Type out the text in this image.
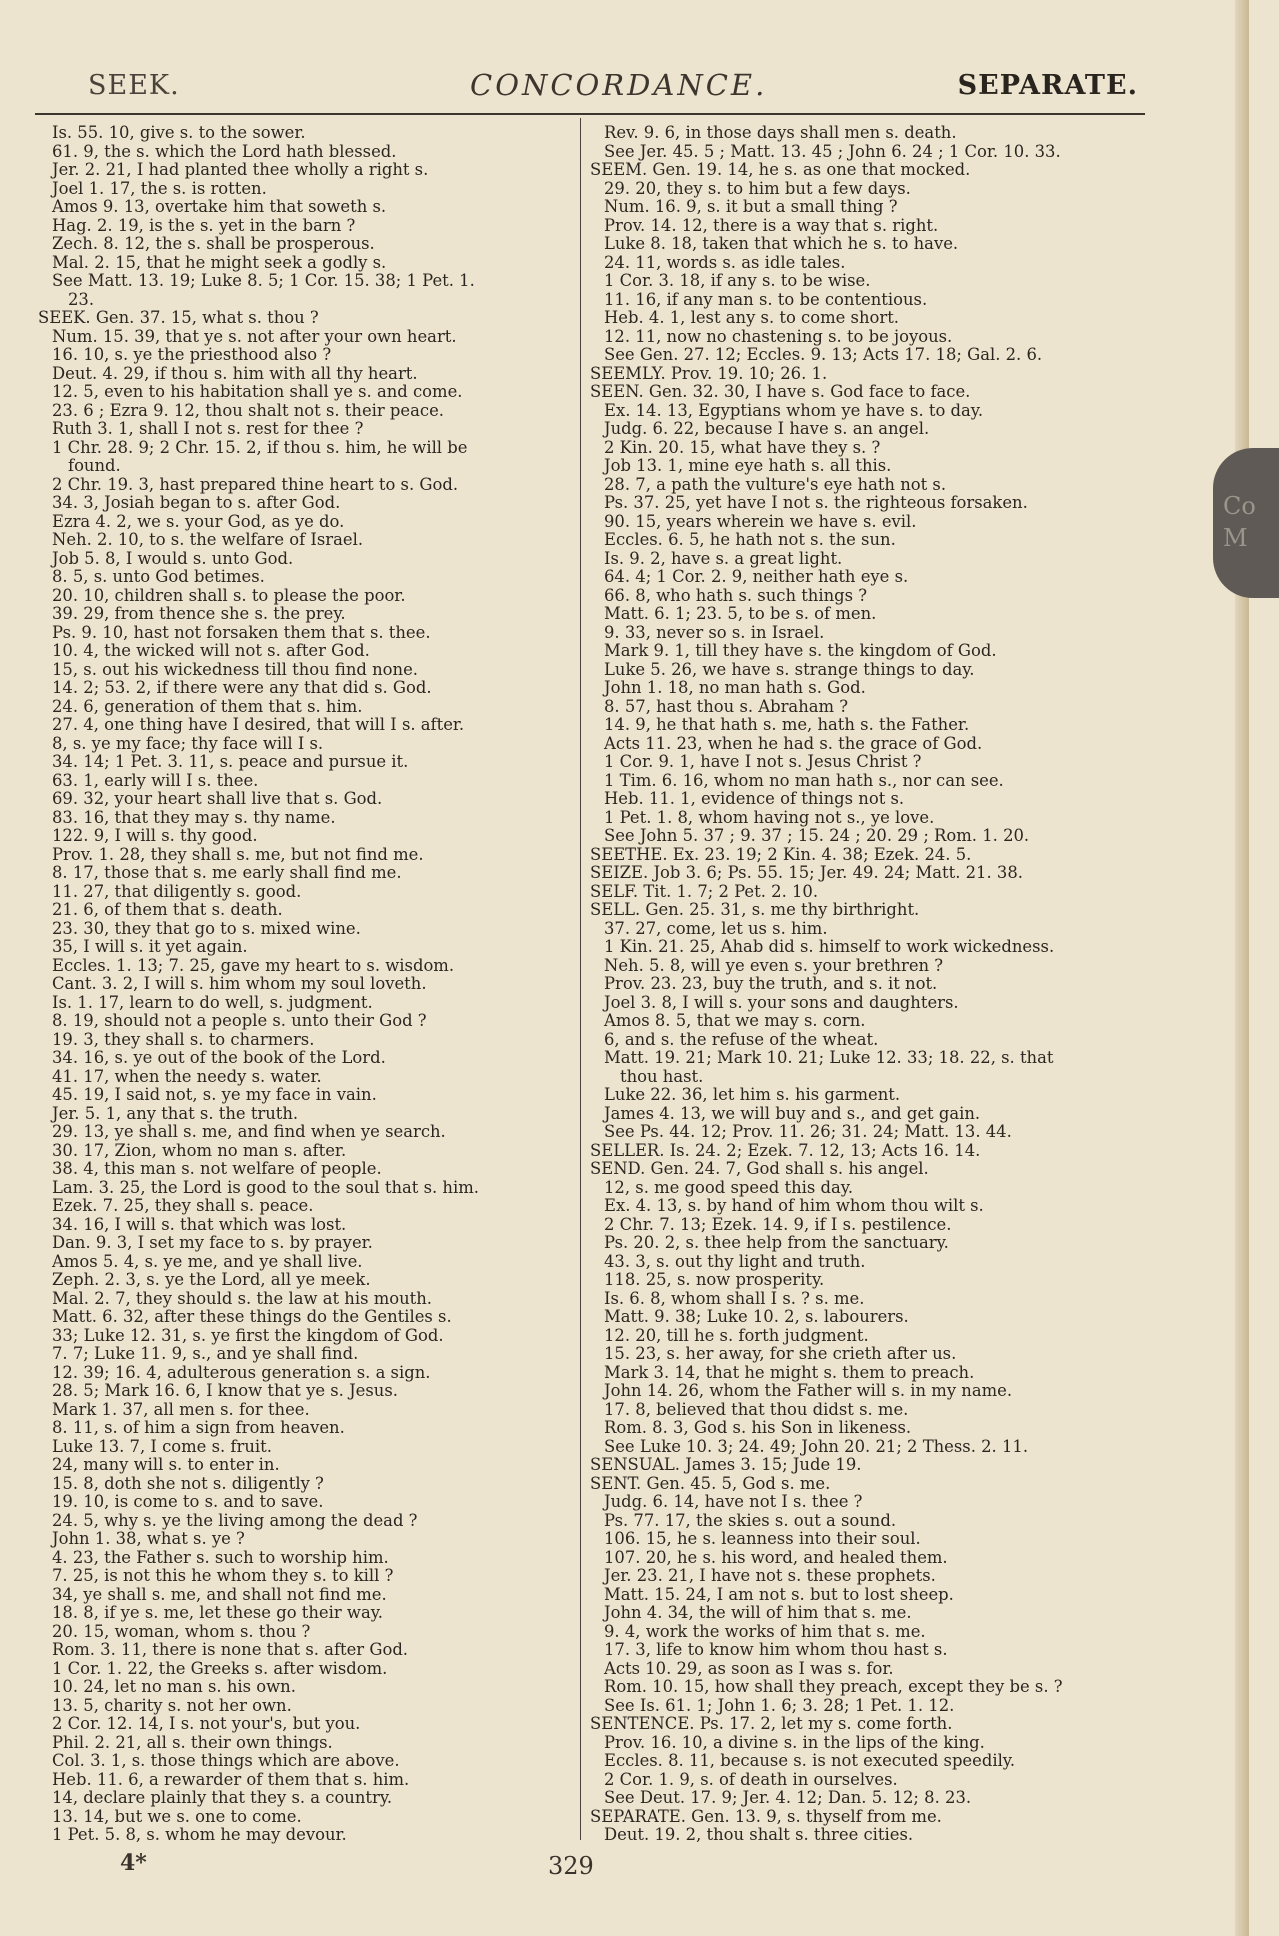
Co
M
SEEK.	CONCORDANCE.	SEPARATE.
Is. 55. 10, give s. to the sower.
61. 9, the s. which the Lord hath blessed.
Jer. 2. 21, I had planted thee wholly a right s.
Joel 1. 17, the s. is rotten.
Amos 9. 13, overtake him that soweth s.
Hag. 2. 19, is the s. yet in the barn ?
Zech. 8. 12, the s. shall be prosperous.
Mal. 2. 15, that he might seek a godly s.
See Matt. 13. 19; Luke 8. 5; 1 Cor. 15. 38; 1 Pet. 1.
23.
SEEK. Gen. 37. 15, what s. thou ?
Num. 15. 39, that ye s. not after your own heart.
16. 10, s. ye the priesthood also ?
Deut. 4. 29, if thou s. him with all thy heart.
12. 5, even to his habitation shall ye s. and come.
23. 6 ; Ezra 9. 12, thou shalt not s. their peace.
Ruth 3. 1, shall I not s. rest for thee ?
1 Chr. 28. 9; 2 Chr. 15. 2, if thou s. him, he will be
found.
2 Chr. 19. 3, hast prepared thine heart to s. God.
34. 3, Josiah began to s. after God.
Ezra 4. 2, we s. your God, as ye do.
Neh. 2. 10, to s. the welfare of Israel.
Job 5. 8, I would s. unto God.
8. 5, s. unto God betimes.
20. 10, children shall s. to please the poor.
39. 29, from thence she s. the prey.
Ps. 9. 10, hast not forsaken them that s. thee.
10. 4, the wicked will not s. after God.
15, s. out his wickedness till thou find none.
14. 2; 53. 2, if there were any that did s. God.
24. 6, generation of them that s. him.
27. 4, one thing have I desired, that will I s. after.
8, s. ye my face; thy face will I s.
34. 14; 1 Pet. 3. 11, s. peace and pursue it.
63. 1, early will I s. thee.
69. 32, your heart shall live that s. God.
83. 16, that they may s. thy name.
122. 9, I will s. thy good.
Prov. 1. 28, they shall s. me, but not find me.
8. 17, those that s. me early shall find me.
11. 27, that diligently s. good.
21. 6, of them that s. death.
23. 30, they that go to s. mixed wine.
35, I will s. it yet again.
Eccles. 1. 13; 7. 25, gave my heart to s. wisdom.
Cant. 3. 2, I will s. him whom my soul loveth.
Is. 1. 17, learn to do well, s. judgment.
8. 19, should not a people s. unto their God ?
19. 3, they shall s. to charmers.
34. 16, s. ye out of the book of the Lord.
41. 17, when the needy s. water.
45. 19, I said not, s. ye my face in vain.
Jer. 5. 1, any that s. the truth.
29. 13, ye shall s. me, and find when ye search.
30. 17, Zion, whom no man s. after.
38. 4, this man s. not welfare of people.
Lam. 3. 25, the Lord is good to the soul that s. him.
Ezek. 7. 25, they shall s. peace.
34. 16, I will s. that which was lost.
Dan. 9. 3, I set my face to s. by prayer.
Amos 5. 4, s. ye me, and ye shall live.
Zeph. 2. 3, s. ye the Lord, all ye meek.
Mal. 2. 7, they should s. the law at his mouth.
Matt. 6. 32, after these things do the Gentiles s.
33; Luke 12. 31, s. ye first the kingdom of God.
7. 7; Luke 11. 9, s., and ye shall find.
12. 39; 16. 4, adulterous generation s. a sign.
28. 5; Mark 16. 6, I know that ye s. Jesus.
Mark 1. 37, all men s. for thee.
8. 11, s. of him a sign from heaven.
Luke 13. 7, I come s. fruit.
24, many will s. to enter in.
15. 8, doth she not s. diligently ?
19. 10, is come to s. and to save.
24. 5, why s. ye the living among the dead ?
John 1. 38, what s. ye ?
4. 23, the Father s. such to worship him.
7. 25, is not this he whom they s. to kill ?
34, ye shall s. me, and shall not find me.
18. 8, if ye s. me, let these go their way.
20. 15, woman, whom s. thou ?
Rom. 3. 11, there is none that s. after God.
1 Cor. 1. 22, the Greeks s. after wisdom.
10. 24, let no man s. his own.
13. 5, charity s. not her own.
2 Cor. 12. 14, I s. not your's, but you.
Phil. 2. 21, all s. their own things.
Col. 3. 1, s. those things which are above.
Heb. 11. 6, a rewarder of them that s. him.
14, declare plainly that they s. a country.
13. 14, but we s. one to come.
1 Pet. 5. 8, s. whom he may devour.
Rev. 9. 6, in those days shall men s. death.
See Jer. 45. 5 ; Matt. 13. 45 ; John 6. 24 ; 1 Cor. 10. 33.
SEEM. Gen. 19. 14, he s. as one that mocked.
29. 20, they s. to him but a few days.
Num. 16. 9, s. it but a small thing ?
Prov. 14. 12, there is a way that s. right.
Luke 8. 18, taken that which he s. to have.
24. 11, words s. as idle tales.
1 Cor. 3. 18, if any s. to be wise.
11. 16, if any man s. to be contentious.
Heb. 4. 1, lest any s. to come short.
12. 11, now no chastening s. to be joyous.
See Gen. 27. 12; Eccles. 9. 13; Acts 17. 18; Gal. 2. 6.
SEEMLY. Prov. 19. 10; 26. 1.
SEEN. Gen. 32. 30, I have s. God face to face.
Ex. 14. 13, Egyptians whom ye have s. to day.
Judg. 6. 22, because I have s. an angel.
2 Kin. 20. 15, what have they s. ?
Job 13. 1, mine eye hath s. all this.
28. 7, a path the vulture's eye hath not s.
Ps. 37. 25, yet have I not s. the righteous forsaken.
90. 15, years wherein we have s. evil.
Eccles. 6. 5, he hath not s. the sun.
Is. 9. 2, have s. a great light.
64. 4; 1 Cor. 2. 9, neither hath eye s.
66. 8, who hath s. such things ?
Matt. 6. 1; 23. 5, to be s. of men.
9. 33, never so s. in Israel.
Mark 9. 1, till they have s. the kingdom of God.
Luke 5. 26, we have s. strange things to day.
John 1. 18, no man hath s. God.
8. 57, hast thou s. Abraham ?
14. 9, he that hath s. me, hath s. the Father.
Acts 11. 23, when he had s. the grace of God.
1 Cor. 9. 1, have I not s. Jesus Christ ?
1 Tim. 6. 16, whom no man hath s., nor can see.
Heb. 11. 1, evidence of things not s.
1 Pet. 1. 8, whom having not s., ye love.
See John 5. 37 ; 9. 37 ; 15. 24 ; 20. 29 ; Rom. 1. 20.
SEETHE. Ex. 23. 19; 2 Kin. 4. 38; Ezek. 24. 5.
SEIZE. Job 3. 6; Ps. 55. 15; Jer. 49. 24; Matt. 21. 38.
SELF. Tit. 1. 7; 2 Pet. 2. 10.
SELL. Gen. 25. 31, s. me thy birthright.
37. 27, come, let us s. him.
1 Kin. 21. 25, Ahab did s. himself to work wickedness.
Neh. 5. 8, will ye even s. your brethren ?
Prov. 23. 23, buy the truth, and s. it not.
Joel 3. 8, I will s. your sons and daughters.
Amos 8. 5, that we may s. corn.
6, and s. the refuse of the wheat.
Matt. 19. 21; Mark 10. 21; Luke 12. 33; 18. 22, s. that
thou hast.
Luke 22. 36, let him s. his garment.
James 4. 13, we will buy and s., and get gain.
See Ps. 44. 12; Prov. 11. 26; 31. 24; Matt. 13. 44.
SELLER. Is. 24. 2; Ezek. 7. 12, 13; Acts 16. 14.
SEND. Gen. 24. 7, God shall s. his angel.
12, s. me good speed this day.
Ex. 4. 13, s. by hand of him whom thou wilt s.
2 Chr. 7. 13; Ezek. 14. 9, if I s. pestilence.
Ps. 20. 2, s. thee help from the sanctuary.
43. 3, s. out thy light and truth.
118. 25, s. now prosperity.
Is. 6. 8, whom shall I s. ? s. me.
Matt. 9. 38; Luke 10. 2, s. labourers.
12. 20, till he s. forth judgment.
15. 23, s. her away, for she crieth after us.
Mark 3. 14, that he might s. them to preach.
John 14. 26, whom the Father will s. in my name.
17. 8, believed that thou didst s. me.
Rom. 8. 3, God s. his Son in likeness.
See Luke 10. 3; 24. 49; John 20. 21; 2 Thess. 2. 11.
SENSUAL. James 3. 15; Jude 19.
SENT. Gen. 45. 5, God s. me.
Judg. 6. 14, have not I s. thee ?
Ps. 77. 17, the skies s. out a sound.
106. 15, he s. leanness into their soul.
107. 20, he s. his word, and healed them.
Jer. 23. 21, I have not s. these prophets.
Matt. 15. 24, I am not s. but to lost sheep.
John 4. 34, the will of him that s. me.
9. 4, work the works of him that s. me.
17. 3, life to know him whom thou hast s.
Acts 10. 29, as soon as I was s. for.
Rom. 10. 15, how shall they preach, except they be s. ?
See Is. 61. 1; John 1. 6; 3. 28; 1 Pet. 1. 12.
SENTENCE. Ps. 17. 2, let my s. come forth.
Prov. 16. 10, a divine s. in the lips of the king.
Eccles. 8. 11, because s. is not executed speedily.
2 Cor. 1. 9, s. of death in ourselves.
See Deut. 17. 9; Jer. 4. 12; Dan. 5. 12; 8. 23.
SEPARATE. Gen. 13. 9, s. thyself from me.
Deut. 19. 2, thou shalt s. three cities.
4*	329
